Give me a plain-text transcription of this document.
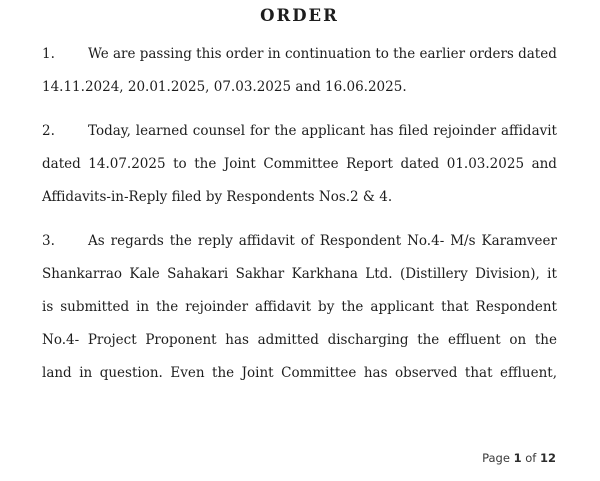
ORDER
1. We are passing this order in continuation to the earlier orders dated
14.11.2024, 20.01.2025, 07.03.2025 and 16.06.2025.
2. Today, learned counsel for the applicant has filed rejoinder affidavit
dated 14.07.2025 to the Joint Committee Report dated 01.03.2025 and
Affidavits-in-Reply filed by Respondents Nos.2 & 4.
3. As regards the reply affidavit of Respondent No.4- M/s Karamveer
Shankarrao Kale Sahakari Sakhar Karkhana Ltd. (Distillery Division), it
is submitted in the rejoinder affidavit by the applicant that Respondent
No.4- Project Proponent has admitted discharging the effluent on the
land in question. Even the Joint Committee has observed that effluent,
Page 1 of 12
